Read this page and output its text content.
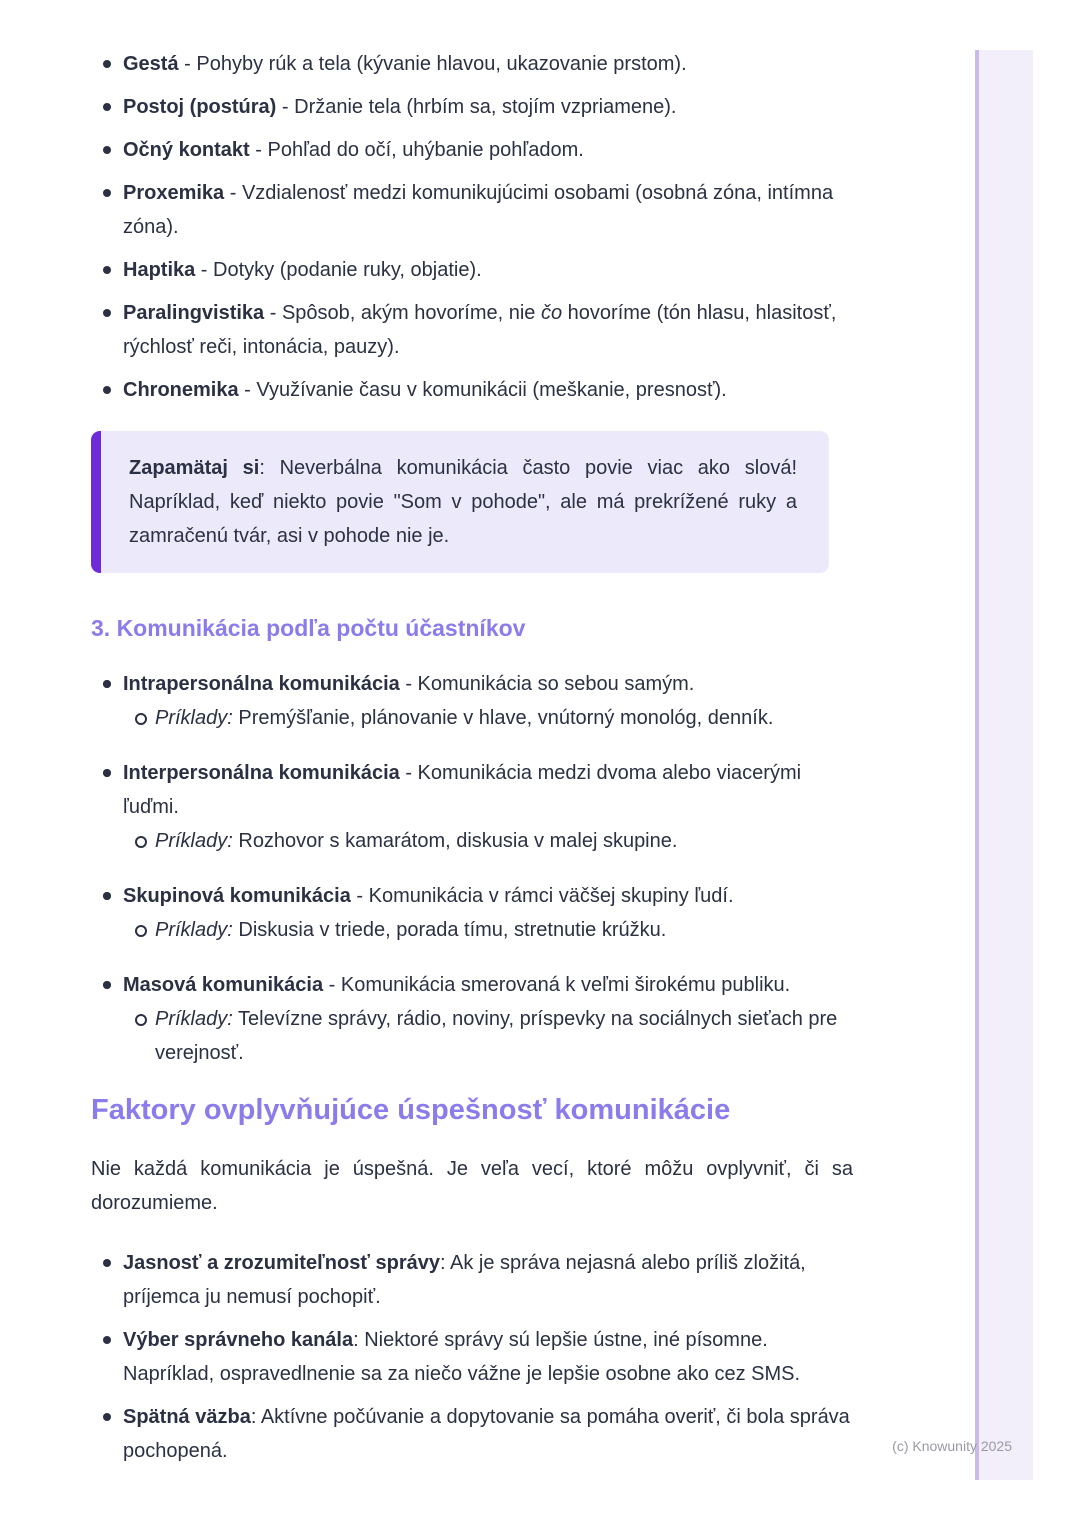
Gestá - Pohyby rúk a tela (kývanie hlavou, ukazovanie prstom).
Postoj (postúra) - Držanie tela (hrbím sa, stojím vzpriamene).
Očný kontakt - Pohľad do očí, uhýbanie pohľadom.
Proxemika - Vzdialenosť medzi komunikujúcimi osobami (osobná zóna, intímna zóna).
Haptika - Dotyky (podanie ruky, objatie).
Paralingvistika - Spôsob, akým hovoríme, nie čo hovoríme (tón hlasu, hlasitosť, rýchlosť reči, intonácia, pauzy).
Chronemika - Využívanie času v komunikácii (meškanie, presnosť).

Zapamätaj si: Neverbálna komunikácia často povie viac ako slová! Napríklad, keď niekto povie "Som v pohode", ale má prekrížené ruky a zamračenú tvár, asi v pohode nie je.

3. Komunikácia podľa počtu účastníkov
Intrapersonálna komunikácia - Komunikácia so sebou samým.
Príklady: Premýšľanie, plánovanie v hlave, vnútorný monológ, denník.
Interpersonálna komunikácia - Komunikácia medzi dvoma alebo viacerými ľuďmi.
Príklady: Rozhovor s kamarátom, diskusia v malej skupine.
Skupinová komunikácia - Komunikácia v rámci väčšej skupiny ľudí.
Príklady: Diskusia v triede, porada tímu, stretnutie krúžku.
Masová komunikácia - Komunikácia smerovaná k veľmi širokému publiku.
Príklady: Televízne správy, rádio, noviny, príspevky na sociálnych sieťach pre verejnosť.
Faktory ovplyvňujúce úspešnosť komunikácie

Nie každá komunikácia je úspešná. Je veľa vecí, ktoré môžu ovplyvniť, či sa dorozumieme.

Jasnosť a zrozumiteľnosť správy: Ak je správa nejasná alebo príliš zložitá, príjemca ju nemusí pochopiť.
Výber správneho kanála: Niektoré správy sú lepšie ústne, iné písomne. Napríklad, ospravedlnenie sa za niečo vážne je lepšie osobne ako cez SMS.
Spätná väzba: Aktívne počúvanie a dopytovanie sa pomáha overiť, či bola správa pochopená.	(c) Knowunity 2025
